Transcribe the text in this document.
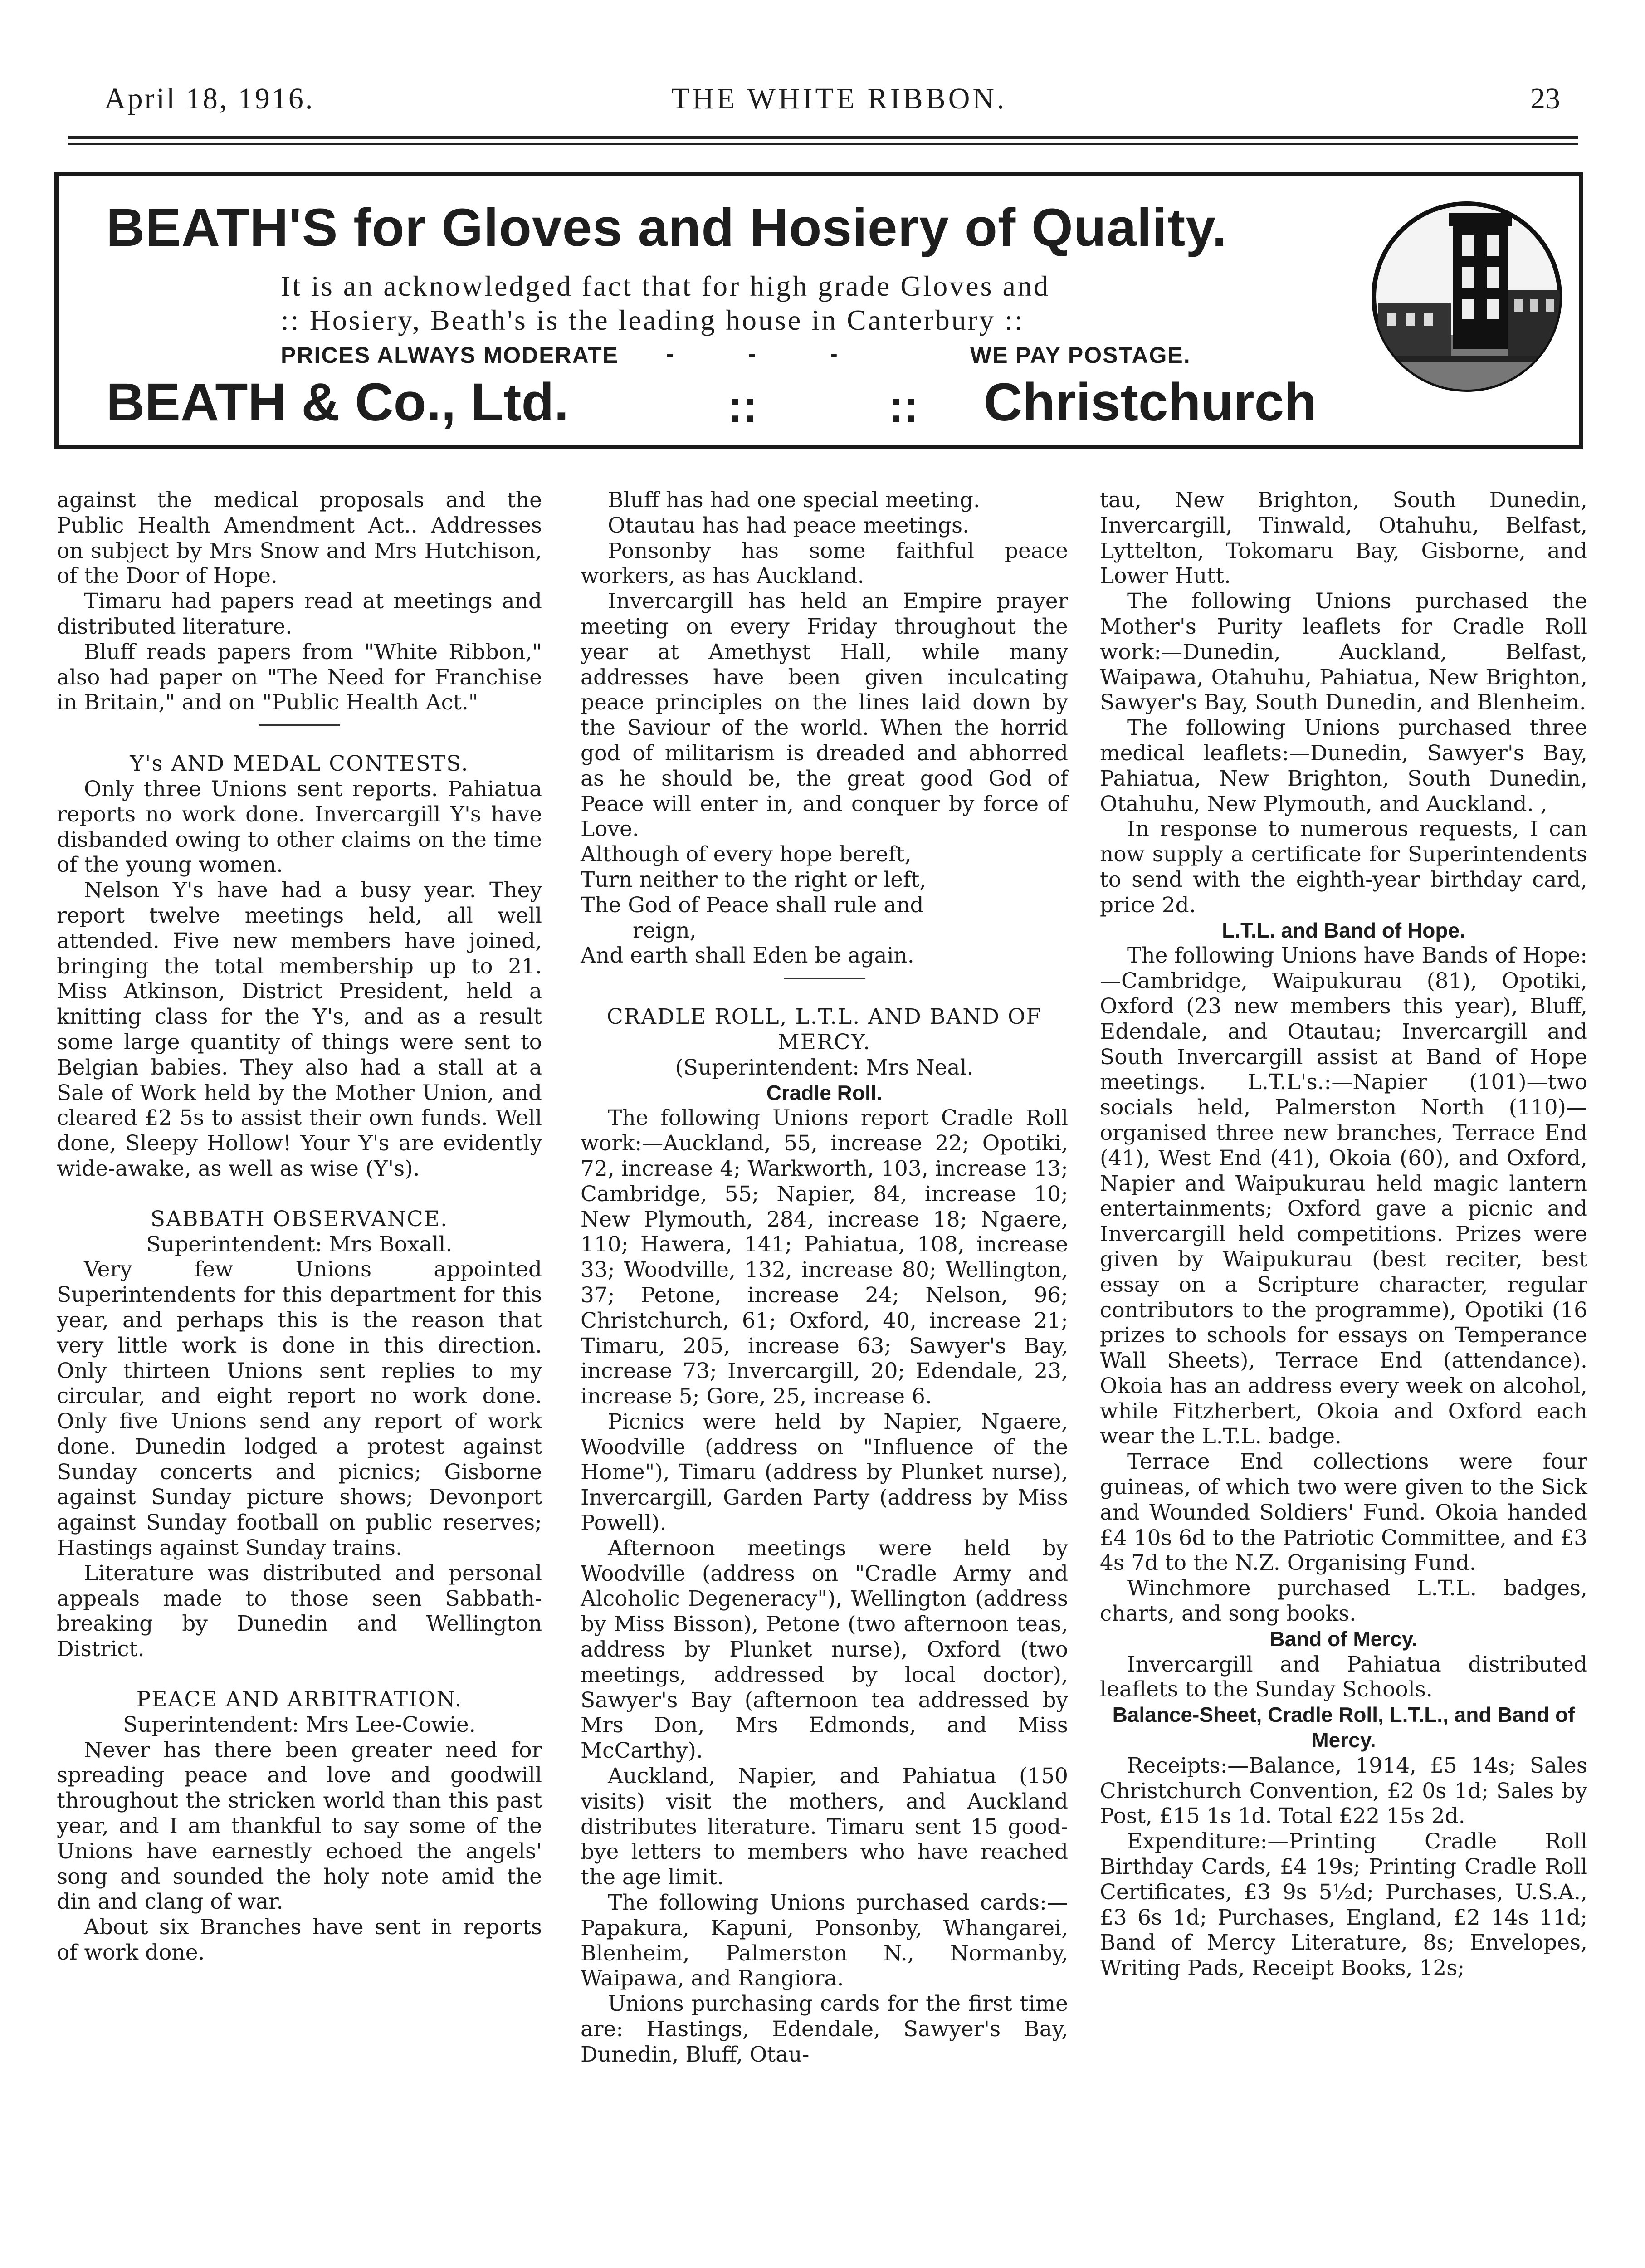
April 18, 1916.	THE WHITE RIBBON.	23
BEATH'S for Gloves and Hosiery of Quality.
It is an acknowledged fact that for high grade Gloves and
:: Hosiery, Beath's is the leading house in Canterbury ::
PRICES ALWAYS MODERATE - - -	WE PAY POSTAGE.
BEATH & Co., Ltd.	::	:: Christchurch

against the medical proposals and the Public Health Amendment Act.. Addresses on subject by Mrs Snow and Mrs Hutchison, of the Door of Hope.

Timaru had papers read at meetings and distributed literature.

Bluff reads papers from "White Ribbon," also had paper on "The Need for Franchise in Britain," and on "Public Health Act."

Y's AND MEDAL CONTESTS.

Only three Unions sent reports. Pahiatua reports no work done. Invercargill Y's have disbanded owing to other claims on the time of the young women.

Nelson Y's have had a busy year. They report twelve meetings held, all well attended. Five new members have joined, bringing the total membership up to 21. Miss Atkinson, District President, held a knitting class for the Y's, and as a result some large quantity of things were sent to Belgian babies. They also had a stall at a Sale of Work held by the Mother Union, and cleared £2 5s to assist their own funds. Well done, Sleepy Hollow! Your Y's are evidently wide-awake, as well as wise (Y's).

SABBATH OBSERVANCE.

Superintendent: Mrs Boxall.

Very few Unions appointed Superintendents for this department for this year, and perhaps this is the reason that very little work is done in this direction. Only thirteen Unions sent replies to my circular, and eight report no work done. Only five Unions send any report of work done. Dunedin lodged a protest against Sunday concerts and picnics; Gisborne against Sunday picture shows; Devonport against Sunday football on public reserves; Hastings against Sunday trains.

Literature was distributed and personal appeals made to those seen Sabbath-breaking by Dunedin and Wellington District.

PEACE AND ARBITRATION.

Superintendent: Mrs Lee-Cowie.

Never has there been greater need for spreading peace and love and goodwill throughout the stricken world than this past year, and I am thankful to say some of the Unions have earnestly echoed the angels' song and sounded the holy note amid the din and clang of war.

About six Branches have sent in reports of work done.

Bluff has had one special meeting.

Otautau has had peace meetings.

Ponsonby has some faithful peace workers, as has Auckland.

Invercargill has held an Empire prayer meeting on every Friday throughout the year at Amethyst Hall, while many addresses have been given inculcating peace principles on the lines laid down by the Saviour of the world. When the horrid god of militarism is dreaded and abhorred as he should be, the great good God of Peace will enter in, and conquer by force of Love.

Although of every hope bereft,

Turn neither to the right or left,

The God of Peace shall rule and

reign,

And earth shall Eden be again.

CRADLE ROLL, L.T.L. AND BAND OF MERCY.

(Superintendent: Mrs Neal.

Cradle Roll.

The following Unions report Cradle Roll work:—Auckland, 55, increase 22; Opotiki, 72, increase 4; Warkworth, 103, increase 13; Cambridge, 55; Napier, 84, increase 10; New Plymouth, 284, increase 18; Ngaere, 110; Hawera, 141; Pahiatua, 108, increase 33; Woodville, 132, increase 80; Wellington, 37; Petone, increase 24; Nelson, 96; Christchurch, 61; Oxford, 40, increase 21; Timaru, 205, increase 63; Sawyer's Bay, increase 73; Invercargill, 20; Edendale, 23, increase 5; Gore, 25, increase 6.

Picnics were held by Napier, Ngaere, Woodville (address on "Influence of the Home"), Timaru (address by Plunket nurse), Invercargill, Garden Party (address by Miss Powell).

Afternoon meetings were held by Woodville (address on "Cradle Army and Alcoholic Degeneracy"), Wellington (address by Miss Bisson), Petone (two afternoon teas, address by Plunket nurse), Oxford (two meetings, addressed by local doctor), Sawyer's Bay (afternoon tea addressed by Mrs Don, Mrs Edmonds, and Miss McCarthy).

Auckland, Napier, and Pahiatua (150 visits) visit the mothers, and Auckland distributes literature. Timaru sent 15 good-bye letters to members who have reached the age limit.

The following Unions purchased cards:—Papakura, Kapuni, Ponsonby, Whangarei, Blenheim, Palmerston N., Normanby, Waipawa, and Rangiora.

Unions purchasing cards for the first time are: Hastings, Edendale, Sawyer's Bay, Dunedin, Bluff, Otau-

tau, New Brighton, South Dunedin, Invercargill, Tinwald, Otahuhu, Belfast, Lyttelton, Tokomaru Bay, Gisborne, and Lower Hutt.

The following Unions purchased the Mother's Purity leaflets for Cradle Roll work:—Dunedin, Auckland, Belfast, Waipawa, Otahuhu, Pahiatua, New Brighton, Sawyer's Bay, South Dunedin, and Blenheim.

The following Unions purchased three medical leaflets:—Dunedin, Sawyer's Bay, Pahiatua, New Brighton, South Dunedin, Otahuhu, New Plymouth, and Auckland. ,

In response to numerous requests, I can now supply a certificate for Superintendents to send with the eighth-year birthday card, price 2d.

L.T.L. and Band of Hope.

The following Unions have Bands of Hope:—Cambridge, Waipukurau (81), Opotiki, Oxford (23 new members this year), Bluff, Edendale, and Otautau; Invercargill and South Invercargill assist at Band of Hope meetings. L.T.L's.:—Napier (101)—two socials held, Palmerston North (110)—organised three new branches, Terrace End (41), West End (41), Okoia (60), and Oxford, Napier and Waipukurau held magic lantern entertainments; Oxford gave a picnic and Invercargill held competitions. Prizes were given by Waipukurau (best reciter, best essay on a Scripture character, regular contributors to the programme), Opotiki (16 prizes to schools for essays on Temperance Wall Sheets), Terrace End (attendance). Okoia has an address every week on alcohol, while Fitzherbert, Okoia and Oxford each wear the L.T.L. badge.

Terrace End collections were four guineas, of which two were given to the Sick and Wounded Soldiers' Fund. Okoia handed £4 10s 6d to the Patriotic Committee, and £3 4s 7d to the N.Z. Organising Fund.

Winchmore purchased L.T.L. badges, charts, and song books.

Band of Mercy.

Invercargill and Pahiatua distributed leaflets to the Sunday Schools.

Balance-Sheet, Cradle Roll, L.T.L., and Band of Mercy.

Receipts:—Balance, 1914, £5 14s; Sales Christchurch Convention, £2 0s 1d; Sales by Post, £15 1s 1d. Total £22 15s 2d.

Expenditure:—Printing Cradle Roll Birthday Cards, £4 19s; Printing Cradle Roll Certificates, £3 9s 5½d; Purchases, U.S.A., £3 6s 1d; Purchases, England, £2 14s 11d; Band of Mercy Literature, 8s; Envelopes, Writing Pads, Receipt Books, 12s;
